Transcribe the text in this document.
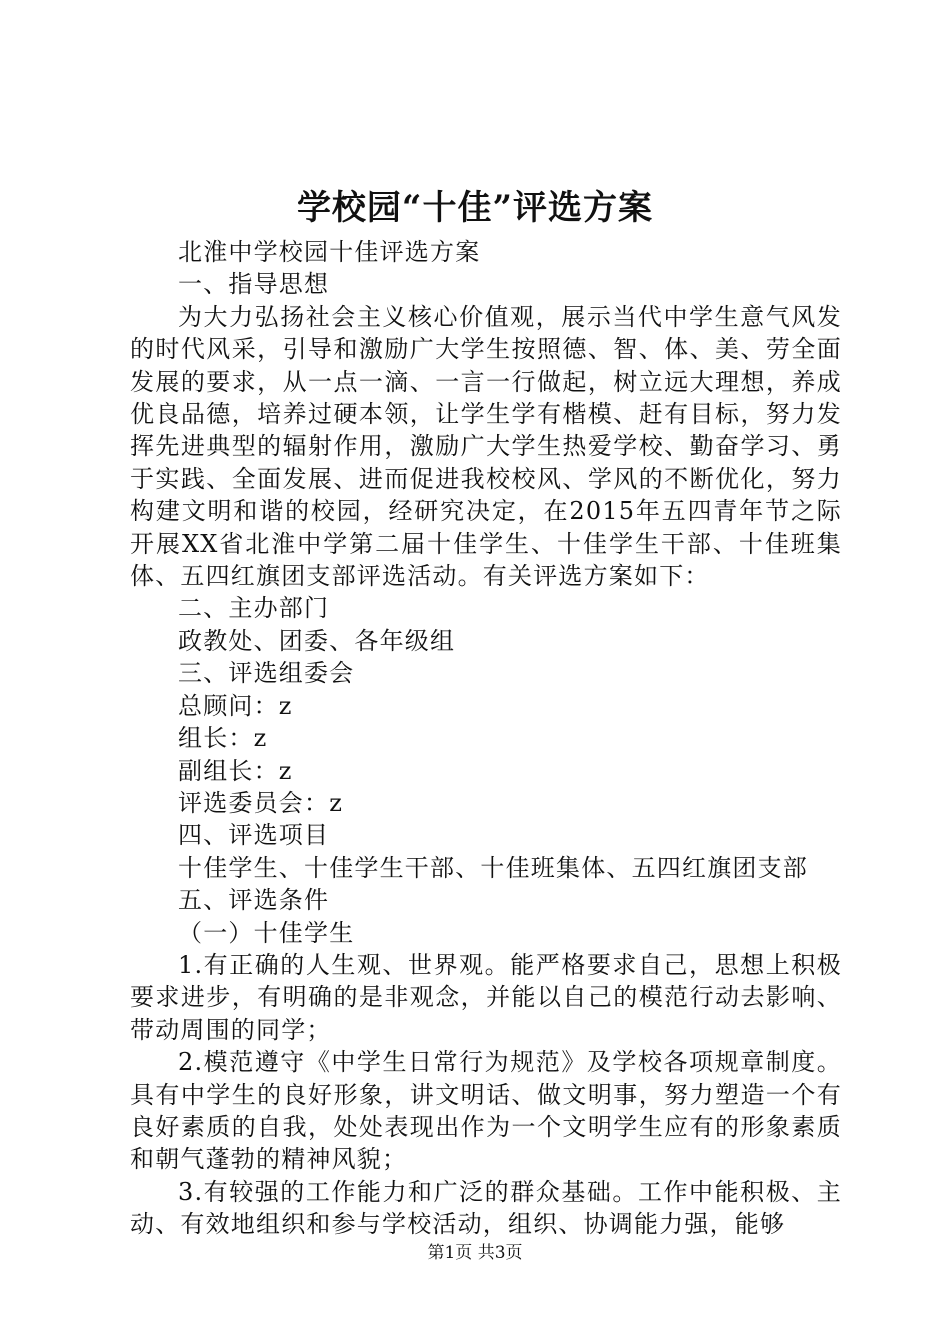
学校园“十佳”评选方案

北淮中学校园十佳评选方案

一、指导思想

为大力弘扬社会主义核心价值观，展示当代中学生意气风发的时代风采，引导和激励广大学生按照德、智、体、美、劳全面发展的要求，从一点一滴、一言一行做起，树立远大理想，养成优良品德，培养过硬本领，让学生学有楷模、赶有目标，努力发挥先进典型的辐射作用，激励广大学生热爱学校、勤奋学习、勇于实践、全面发展、进而促进我校校风、学风的不断优化，努力构建文明和谐的校园，经研究决定，在2015年五四青年节之际开展XX省北淮中学第二届十佳学生、十佳学生干部、十佳班集体、五四红旗团支部评选活动。有关评选方案如下：

二、主办部门

政教处、团委、各年级组

三、评选组委会

总顾问：z

组长：z

副组长：z

评选委员会：z

四、评选项目

十佳学生、十佳学生干部、十佳班集体、五四红旗团支部

五、评选条件

（一）十佳学生

1.有正确的人生观、世界观。能严格要求自己，思想上积极要求进步，有明确的是非观念，并能以自己的模范行动去影响、带动周围的同学；

2.模范遵守《中学生日常行为规范》及学校各项规章制度。具有中学生的良好形象，讲文明话、做文明事，努力塑造一个有良好素质的自我，处处表现出作为一个文明学生应有的形象素质和朝气蓬勃的精神风貌；

3.有较强的工作能力和广泛的群众基础。工作中能积极、主动、有效地组织和参与学校活动，组织、协调能力强，能够

第1页 共3页
